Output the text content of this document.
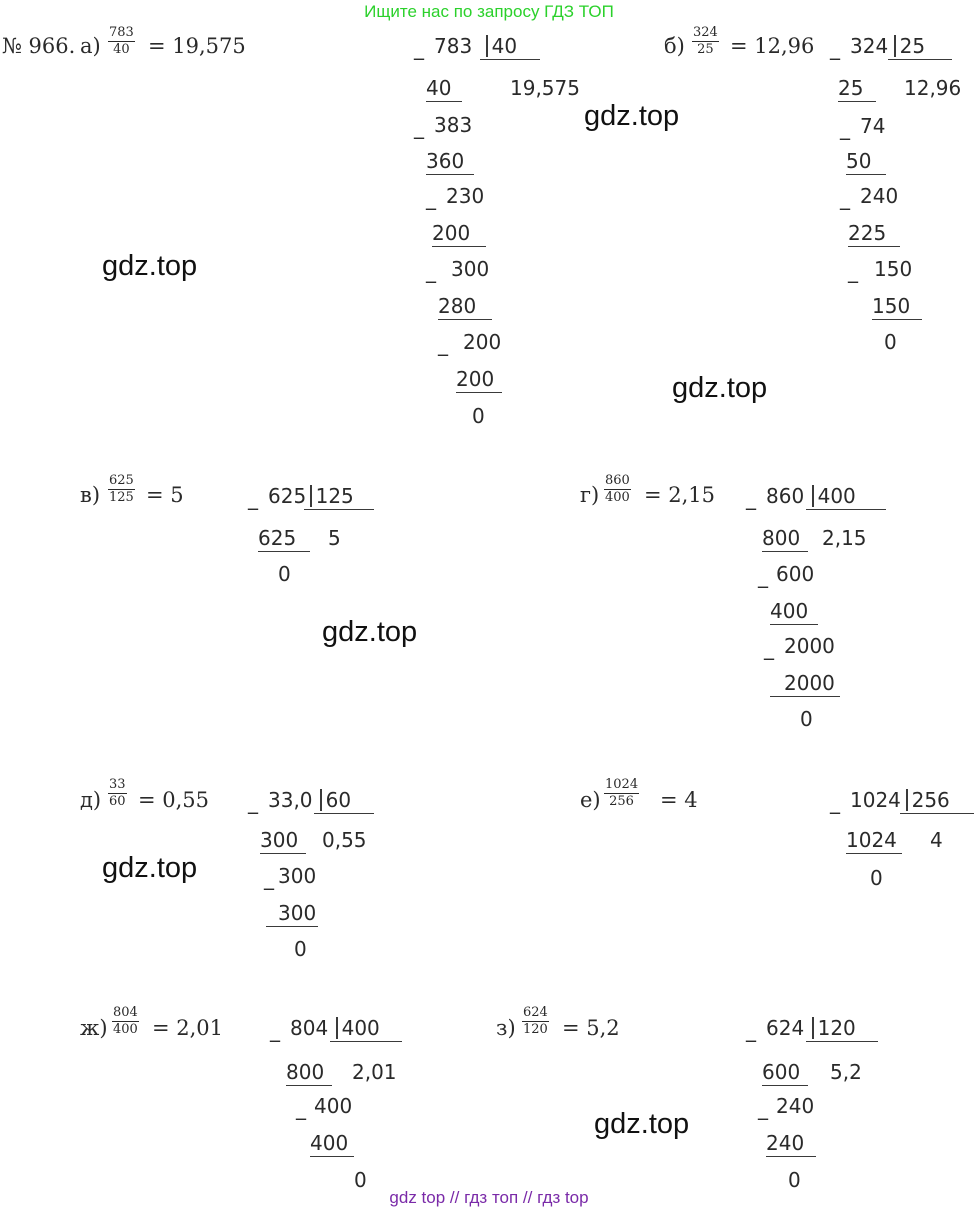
Ищите нас по запросу ГДЗ ТОП
№ 966. $а) \frac{783}{40} = 19,575$	_ 783 40
19,575
40
_ 383
360
_ 230
200
_ 300
280
_ 200
200
0
$б) \frac{324}{25} = 12,96$ _ 324 25
12,96
25
_ 74
50
_ 240
225
_ 150
150
0
$в) \frac{625}{125} = 5$	_ 625 125
5
625
0
$г) \frac{860}{400} = 2,15$ _ 860 400
2,15
800
_ 600
400
_ 2000
2000
0
$д) \frac{33}{60} = 0,55$ _ 33,0 60
0,55
300
_ 300
300
0
$е) \frac{1024}{256} = 4$	_ 1024 256
4
1024
0
$ж) \frac{804}{400} = 2,01$ _ 804 400
2,01
800
_ 400
400
0
$з) \frac{624}{120} = 5,2$	_ 624 120
5,2
600
_ 240
240
0
gdz.top
gdz.top
gdz.top
gdz.top
gdz.top
gdz.top
gdz top // гдз топ // гдз top
